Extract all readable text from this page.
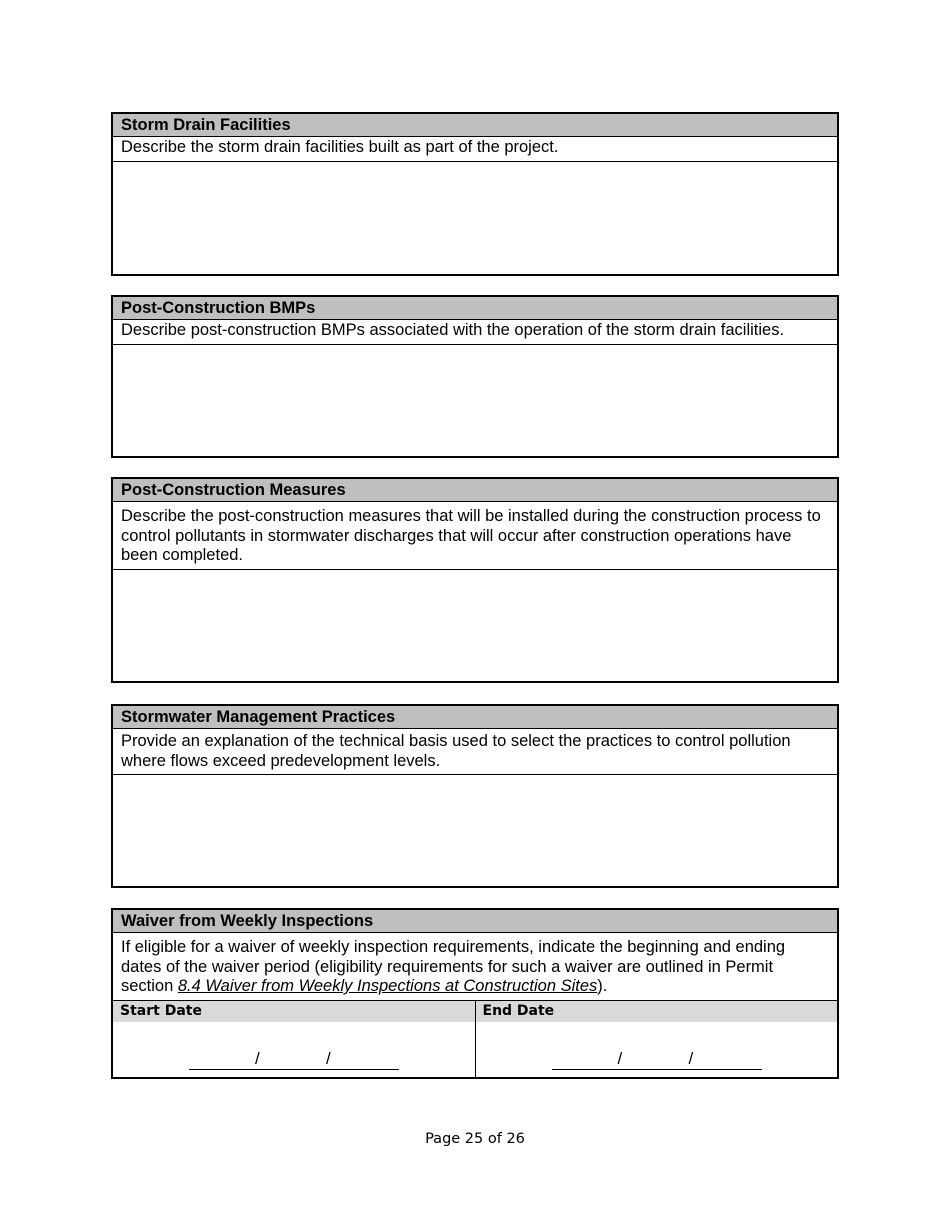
Storm Drain Facilities
Describe the storm drain facilities built as part of the project.
Post-Construction BMPs
Describe post-construction BMPs associated with the operation of the storm drain facilities.
Post-Construction Measures
Describe the post-construction measures that will be installed during the construction process to control pollutants in stormwater discharges that will occur after construction operations have been completed.
Stormwater Management Practices
Provide an explanation of the technical basis used to select the practices to control pollution where flows exceed predevelopment levels.
Waiver from Weekly Inspections
If eligible for a waiver of weekly inspection requirements, indicate the beginning and ending dates of the waiver period (eligibility requirements for such a waiver are outlined in Permit section 8.4 Waiver from Weekly Inspections at Construction Sites).
Start Date
/	/
End Date
/	/
Page 25 of 26
